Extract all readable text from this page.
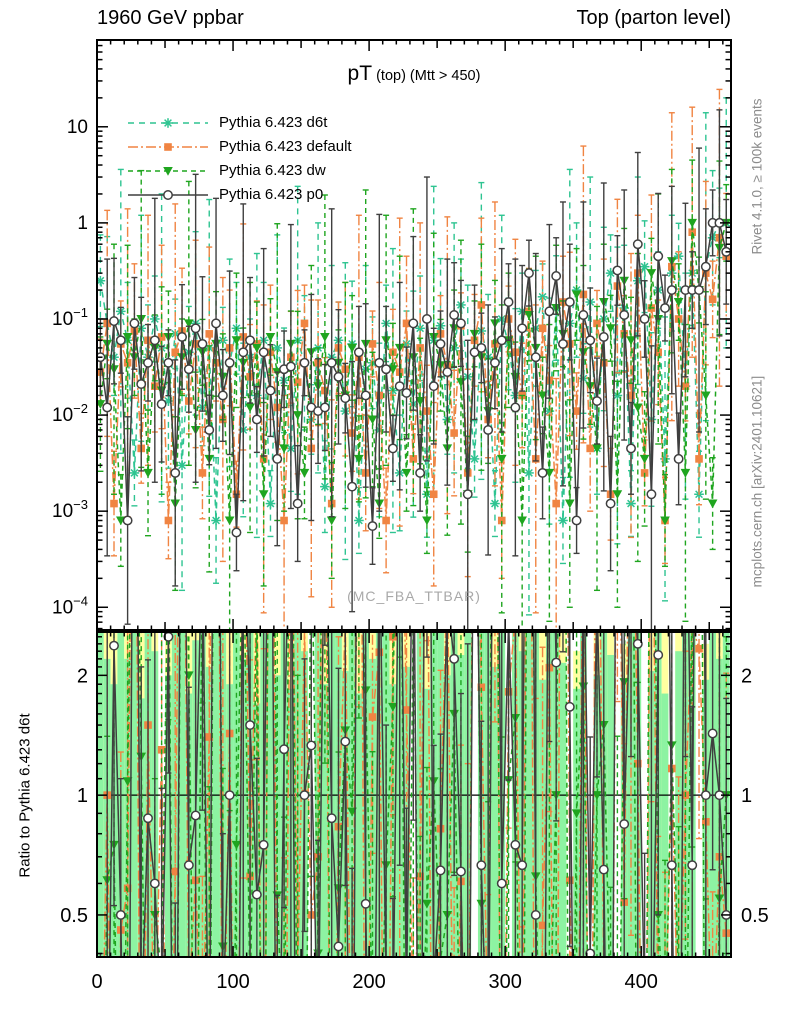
0	100	200	300	400
10
1
$10^{-1}$
$10^{-2}$
$10^{-3}$
$10^{-4}$
2	2
1	1
0.5	0.5
1960 GeV ppbar	Top (parton level)
pT (top) (Mtt > 450)
Pythia 6.423 d6t
Pythia 6.423 default
Pythia 6.423 dw
Pythia 6.423 p0
(MC_FBA_TTBAR)
Rivet 4.1.0, ≥ 100k events
mcplots.cern.ch [arXiv:2401.10621]
Ratio to Pythia 6.423 d6t
